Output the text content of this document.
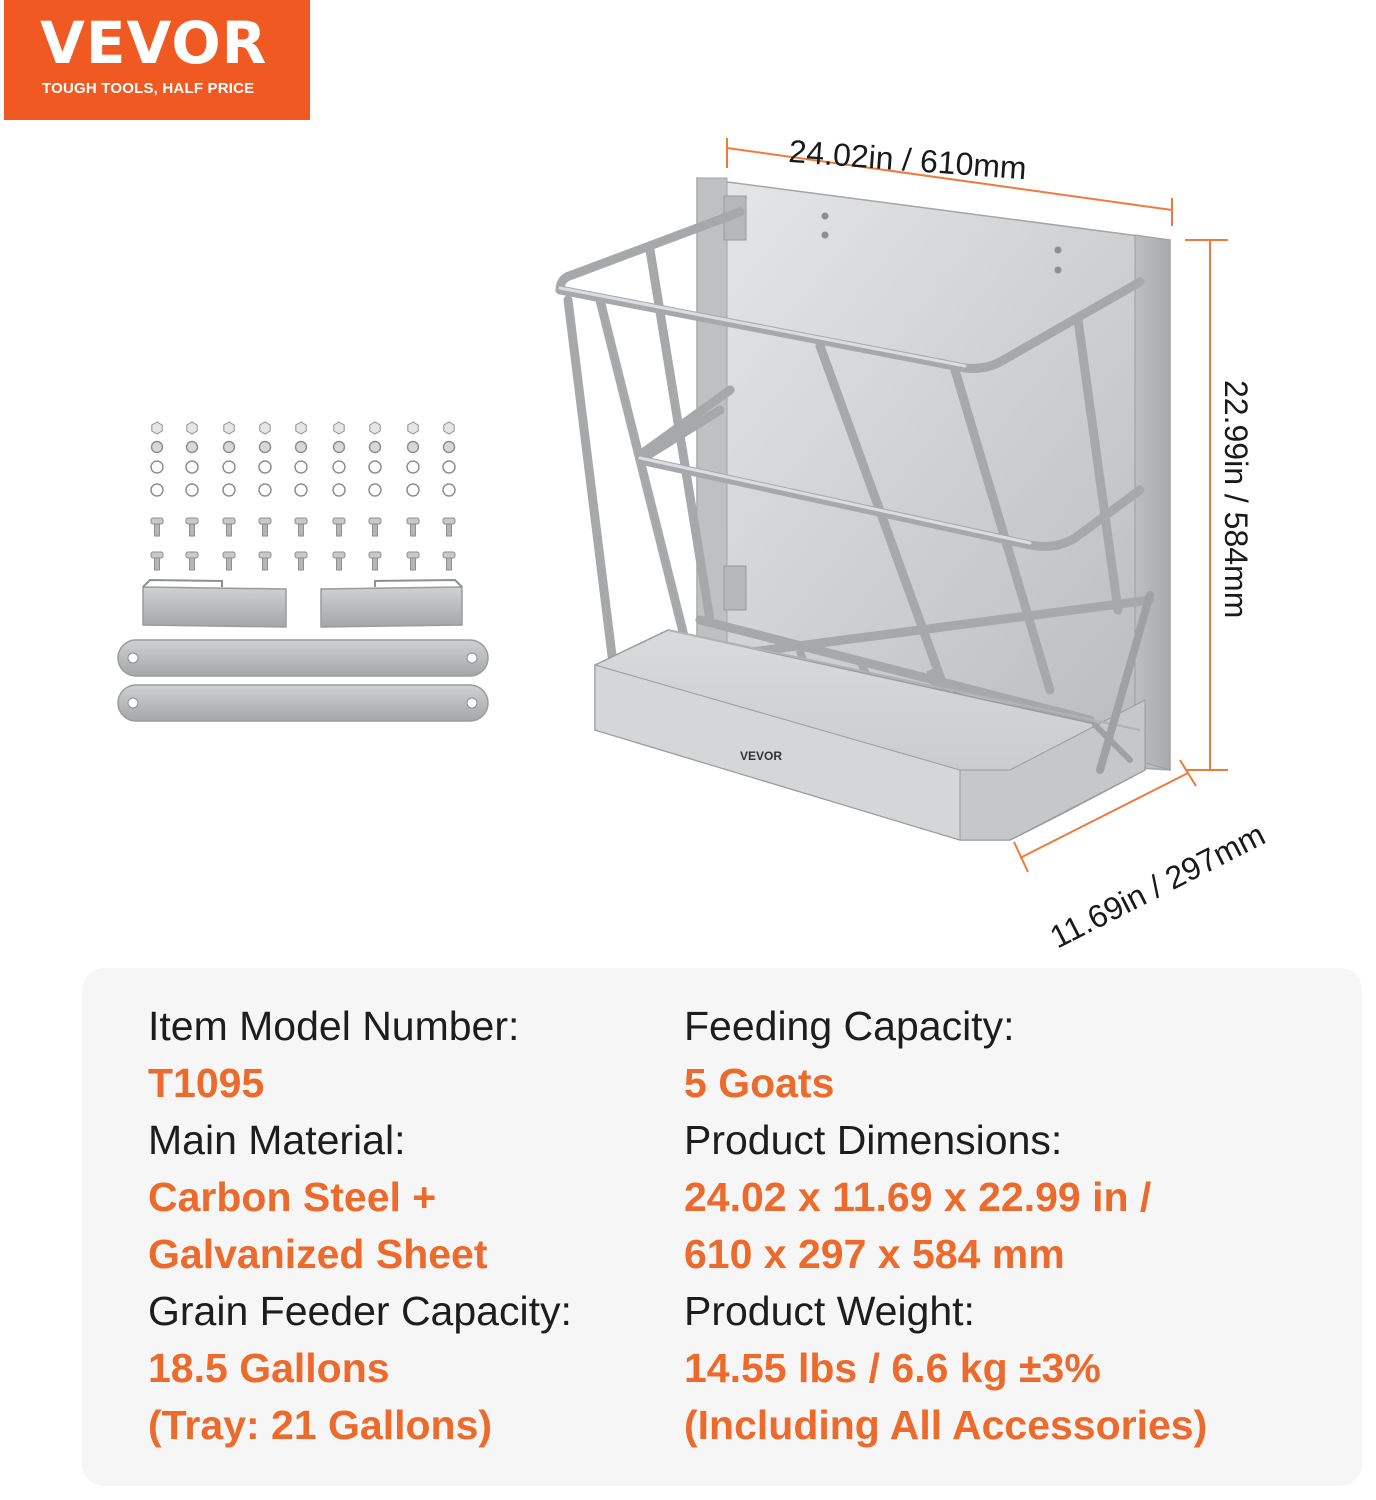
VEVOR
TOUGH TOOLS, HALF PRICE
VEVOR
24.02in / 610mm
22.99in / 584mm
11.69in / 297mm
Item Model Number:
T1095
Main Material:
Carbon Steel +
Galvanized Sheet
Grain Feeder Capacity:
18.5 Gallons
(Tray: 21 Gallons)
Feeding Capacity:
5 Goats
Product Dimensions:
24.02 x 11.69 x 22.99 in /
610 x 297 x 584 mm
Product Weight:
14.55 lbs / 6.6 kg ±3%
(Including All Accessories)
